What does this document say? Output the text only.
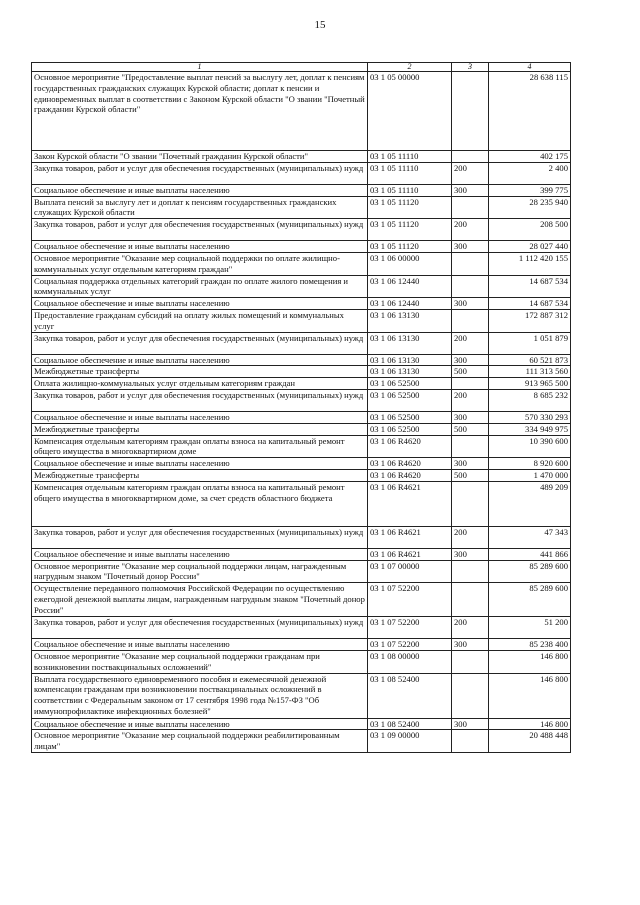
15
1	2	3	4
Основное мероприятие "Предоставление выплат пенсий за выслугу лет, доплат к пенсиям государственных гражданских служащих Курской области; доплат к пенсии и единовременных выплат в соответствии с Законом Курской области "О звании "Почетный гражданин Курской области"	03 1 05 00000		28 638 115
Закон Курской области "О звании "Почетный гражданин Курской области"	03 1 05 11110		402 175
Закупка товаров, работ и услуг для обеспечения государственных (муниципальных) нужд	03 1 05 11110	200	2 400
Социальное обеспечение и иные выплаты населению	03 1 05 11110	300	399 775
Выплата пенсий за выслугу лет и доплат к пенсиям государственных гражданских служащих Курской области	03 1 05 11120		28 235 940
Закупка товаров, работ и услуг для обеспечения государственных (муниципальных) нужд	03 1 05 11120	200	208 500
Социальное обеспечение и иные выплаты населению	03 1 05 11120	300	28 027 440
Основное мероприятие "Оказание мер социальной поддержки по оплате жилищно-коммунальных услуг отдельным категориям граждан"	03 1 06 00000		1 112 420 155
Социальная поддержка отдельных категорий граждан по оплате жилого помещения и коммунальных услуг	03 1 06 12440		14 687 534
Социальное обеспечение и иные выплаты населению	03 1 06 12440	300	14 687 534
Предоставление гражданам субсидий на оплату жилых помещений и коммунальных услуг	03 1 06 13130		172 887 312
Закупка товаров, работ и услуг для обеспечения государственных (муниципальных) нужд	03 1 06 13130	200	1 051 879
Социальное обеспечение и иные выплаты населению	03 1 06 13130	300	60 521 873
Межбюджетные трансферты	03 1 06 13130	500	111 313 560
Оплата жилищно-коммунальных услуг отдельным категориям граждан	03 1 06 52500		913 965 500
Закупка товаров, работ и услуг для обеспечения государственных (муниципальных) нужд	03 1 06 52500	200	8 685 232
Социальное обеспечение и иные выплаты населению	03 1 06 52500	300	570 330 293
Межбюджетные трансферты	03 1 06 52500	500	334 949 975
Компенсация отдельным категориям граждан оплаты взноса на капитальный ремонт общего имущества в многоквартирном доме	03 1 06 R4620		10 390 600
Социальное обеспечение и иные выплаты населению	03 1 06 R4620	300	8 920 600
Межбюджетные трансферты	03 1 06 R4620	500	1 470 000
Компенсация отдельным категориям граждан оплаты взноса на капитальный ремонт общего имущества в многоквартирном доме, за счет средств областного бюджета	03 1 06 R4621		489 209
Закупка товаров, работ и услуг для обеспечения государственных (муниципальных) нужд	03 1 06 R4621	200	47 343
Социальное обеспечение и иные выплаты населению	03 1 06 R4621	300	441 866
Основное мероприятие "Оказание мер социальной поддержки лицам, награжденным нагрудным знаком "Почетный донор России"	03 1 07 00000		85 289 600
Осуществление переданного полномочия Российской Федерации по осуществлению ежегодной денежной выплаты лицам, награжденным нагрудным знаком "Почетный донор России"	03 1 07 52200		85 289 600
Закупка товаров, работ и услуг для обеспечения государственных (муниципальных) нужд	03 1 07 52200	200	51 200
Социальное обеспечение и иные выплаты населению	03 1 07 52200	300	85 238 400
Основное мероприятие "Оказание мер социальной поддержки гражданам при возникновении поствакцинальных осложнений"	03 1 08 00000		146 800
Выплата государственного единовременного пособия и ежемесячной денежной компенсации гражданам при возникновении поствакцинальных осложнений в соответствии с Федеральным законом от 17 сентября 1998 года №157-ФЗ "Об иммунопрофилактике инфекционных болезней"	03 1 08 52400		146 800
Социальное обеспечение и иные выплаты населению	03 1 08 52400	300	146 800
Основное мероприятие "Оказание мер социальной поддержки реабилитированным лицам"	03 1 09 00000		20 488 448
